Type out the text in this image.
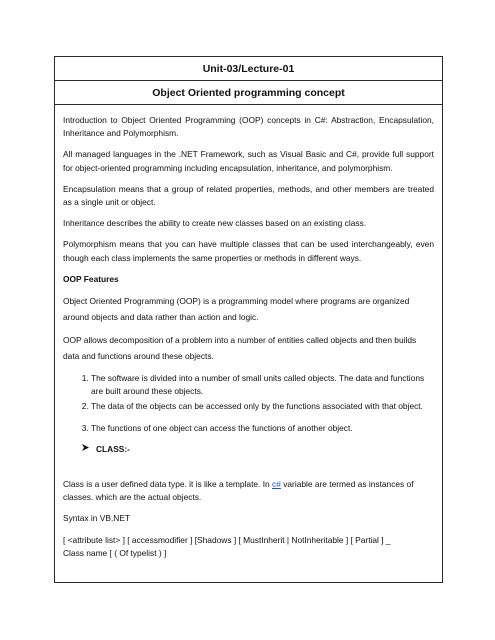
Unit-03/Lecture-01
Object Oriented programming concept

Introduction to Object Oriented Programming (OOP) concepts in C#: Abstraction, Encapsulation, Inheritance and Polymorphism.

All managed languages in the .NET Framework, such as Visual Basic and C#, provide full support for object-oriented programming including encapsulation, inheritance, and polymorphism.

Encapsulation means that a group of related properties, methods, and other members are treated as a single unit or object.

Inheritance describes the ability to create new classes based on an existing class.

Polymorphism means that you can have multiple classes that can be used interchangeably, even though each class implements the same properties or methods in different ways.

OOP Features

Object Oriented Programming (OOP) is a programming model where programs are organized around objects and data rather than action and logic.

OOP allows decomposition of a problem into a number of entities called objects and then builds data and functions around these objects.

1. The software is divided into a number of small units called objects. The data and functions are built around these objects.
2. The data of the objects can be accessed only by the functions associated with that object.
3. The functions of one object can access the functions of another object.
CLASS:-

Class is a user defined data type. it is like a template. In c# variable are termed as instances of classes. which are the actual objects.

Syntax in VB.NET

[ <attribute list> ] [ accessmodifier ] [Shadows ] [ MustInherit | NotInheritable ] [ Partial ] _
Class name [ ( Of typelist ) ]
